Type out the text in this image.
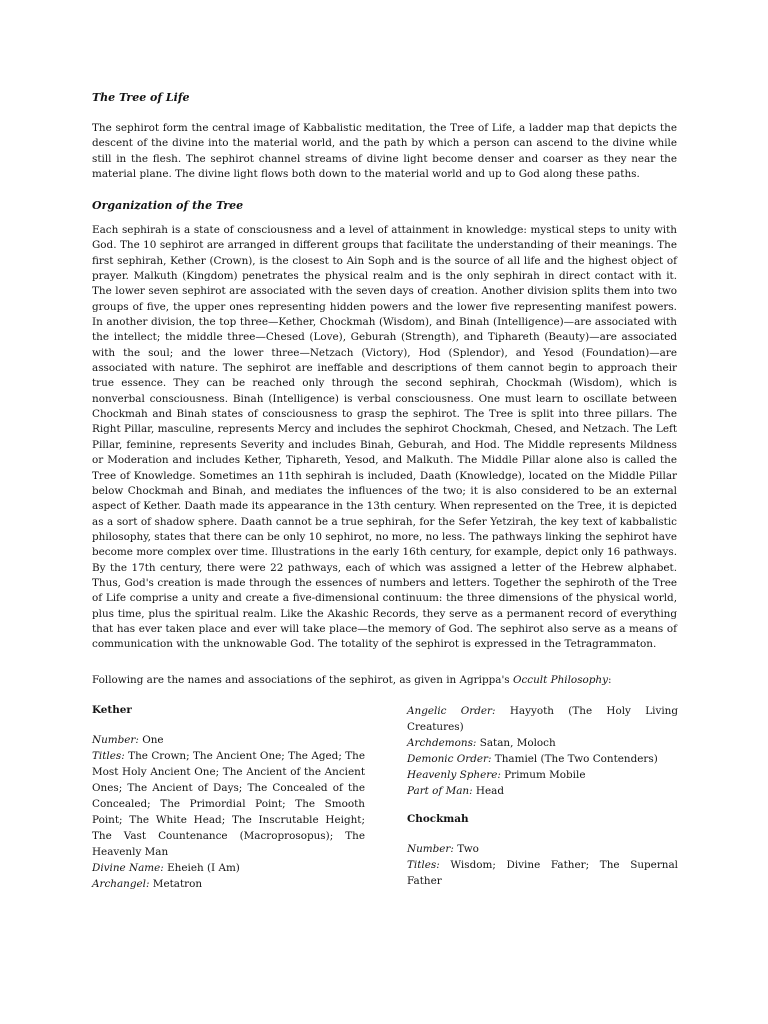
The Tree of Life

The sephirot form the central image of Kabbalistic meditation, the Tree of Life, a ladder map that depicts the descent of the divine into the material world, and the path by which a person can ascend to the divine while still in the flesh. The sephirot channel streams of divine light become denser and coarser as they near the material plane. The divine light flows both down to the material world and up to God along these paths.

Organization of the Tree

Each sephirah is a state of consciousness and a level of attainment in knowledge: mystical steps to unity with God. The 10 sephirot are arranged in different groups that facilitate the understanding of their meanings. The first sephirah, Kether (Crown), is the closest to Ain Soph and is the source of all life and the highest object of prayer. Malkuth (Kingdom) penetrates the physical realm and is the only sephirah in direct contact with it. The lower seven sephirot are associated with the seven days of creation. Another division splits them into two groups of five, the upper ones representing hidden powers and the lower five representing manifest powers. In another division, the top three—Kether, Chockmah (Wisdom), and Binah (Intelligence)—are associated with the intellect; the middle three—Chesed (Love), Geburah (Strength), and Tiphareth (Beauty)—are associated with the soul; and the lower three—Netzach (Victory), Hod (Splendor), and Yesod (Foundation)—are associated with nature. The sephirot are ineffable and descriptions of them cannot begin to approach their true essence. They can be reached only through the second sephirah, Chockmah (Wisdom), which is nonverbal consciousness. Binah (Intelligence) is verbal consciousness. One must learn to oscillate between Chockmah and Binah states of consciousness to grasp the sephirot. The Tree is split into three pillars. The Right Pillar, masculine, represents Mercy and includes the sephirot Chockmah, Chesed, and Netzach. The Left Pillar, feminine, represents Severity and includes Binah, Geburah, and Hod. The Middle represents Mildness or Moderation and includes Kether, Tiphareth, Yesod, and Malkuth. The Middle Pillar alone also is called the Tree of Knowledge. Sometimes an 11th sephirah is included, Daath (Knowledge), located on the Middle Pillar below Chockmah and Binah, and mediates the influences of the two; it is also considered to be an external aspect of Kether. Daath made its appearance in the 13th century. When represented on the Tree, it is depicted as a sort of shadow sphere. Daath cannot be a true sephirah, for the Sefer Yetzirah, the key text of kabbalistic philosophy, states that there can be only 10 sephirot, no more, no less. The pathways linking the sephirot have become more complex over time. Illustrations in the early 16th century, for example, depict only 16 pathways. By the 17th century, there were 22 pathways, each of which was assigned a letter of the Hebrew alphabet. Thus, God's creation is made through the essences of numbers and letters. Together the sephiroth of the Tree of Life comprise a unity and create a five-dimensional continuum: the three dimensions of the physical world, plus time, plus the spiritual realm. Like the Akashic Records, they serve as a permanent record of everything that has ever taken place and ever will take place—the memory of God. The sephirot also serve as a means of communication with the unknowable God. The totality of the sephirot is expressed in the Tetragrammaton.

Following are the names and associations of the sephirot, as given in Agrippa's Occult Philosophy:

Kether

Number: One

Titles: The Crown; The Ancient One; The Aged; The Most Holy Ancient One; The Ancient of the Ancient Ones; The Ancient of Days; The Concealed of the Concealed; The Primordial Point; The Smooth Point; The White Head; The Inscrutable Height; The Vast Countenance (Macroprosopus); The Heavenly Man

Divine Name: Eheieh (I Am)

Archangel: Metatron

Angelic Order: Hayyoth (The Holy Living Creatures)

Archdemons: Satan, Moloch

Demonic Order: Thamiel (The Two Contenders)

Heavenly Sphere: Primum Mobile

Part of Man: Head

Chockmah

Number: Two

Titles: Wisdom; Divine Father; The Supernal Father
